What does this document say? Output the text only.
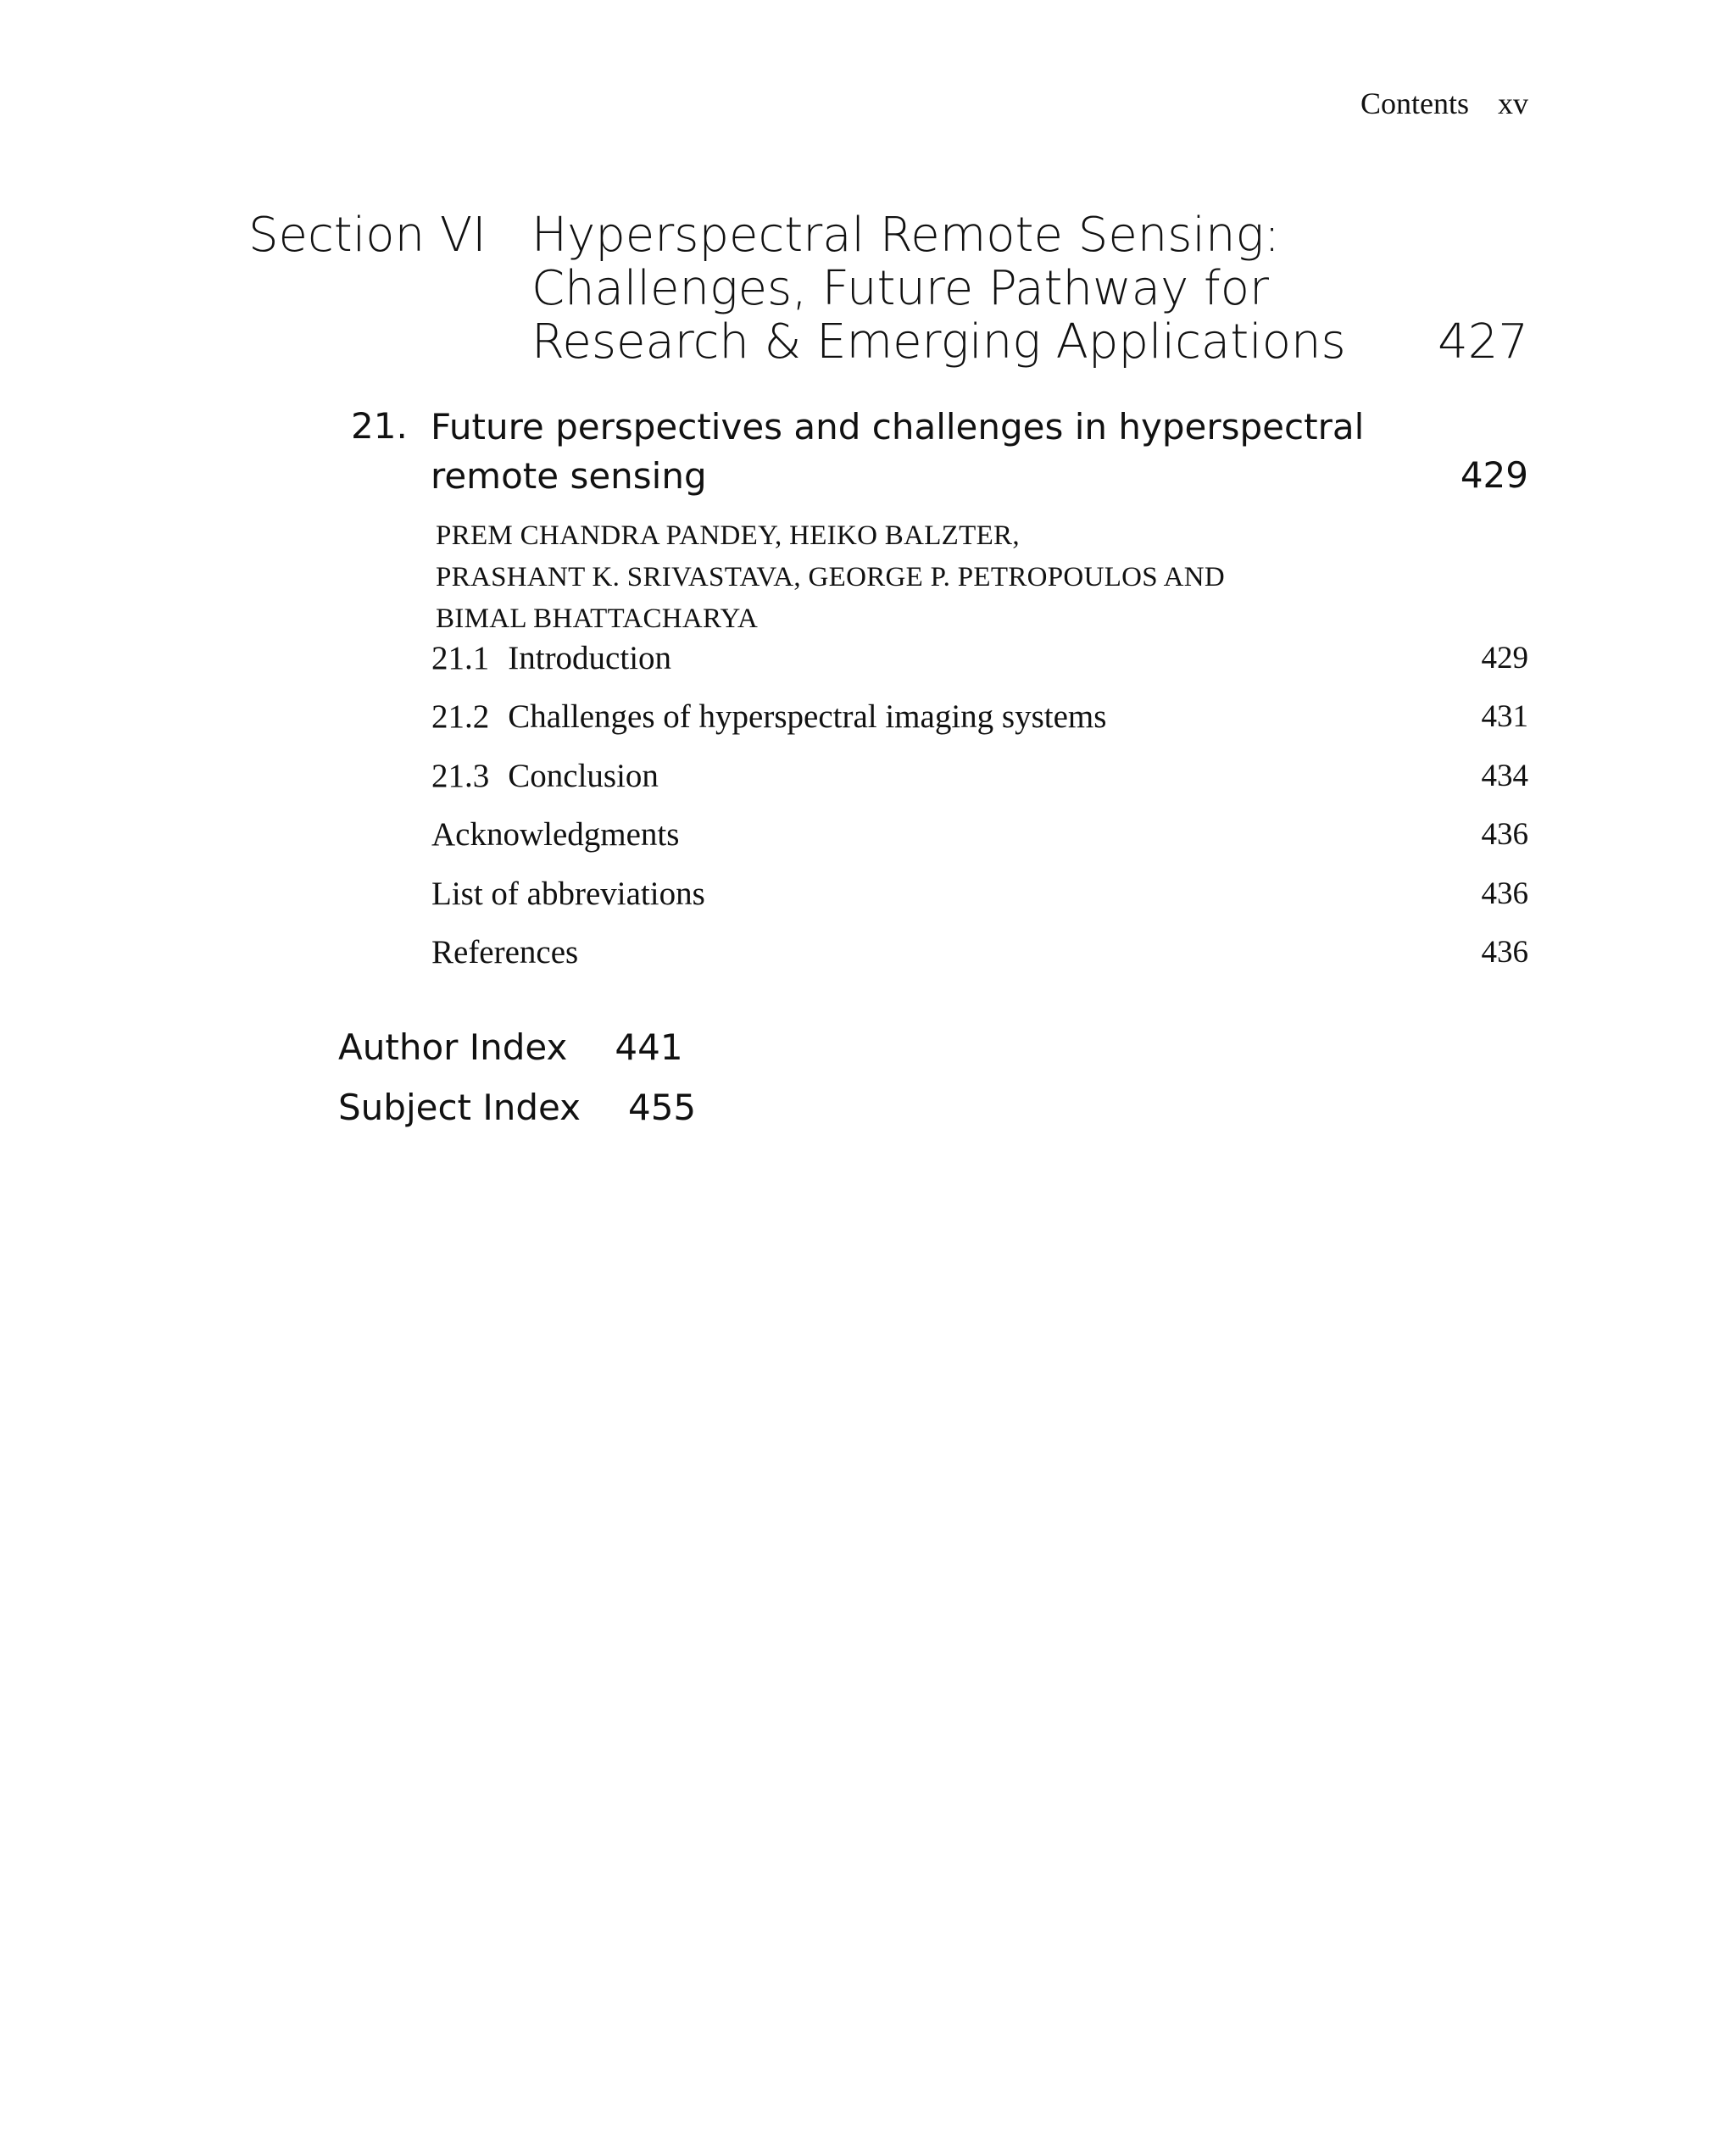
Contents xv
Section VI Hyperspectral Remote Sensing:
Challenges, Future Pathway for
Research & Emerging Applications 427
21. Future perspectives and challenges in hyperspectral
remote sensing	429
PREM CHANDRA PANDEY, HEIKO BALZTER,
PRASHANT K. SRIVASTAVA, GEORGE P. PETROPOULOS AND
BIMAL BHATTACHARYA
21.1 Introduction	429
21.2 Challenges of hyperspectral imaging systems	431
21.3 Conclusion	434
Acknowledgments	436
List of abbreviations	436
References	436
Author Index 441
Subject Index 455
